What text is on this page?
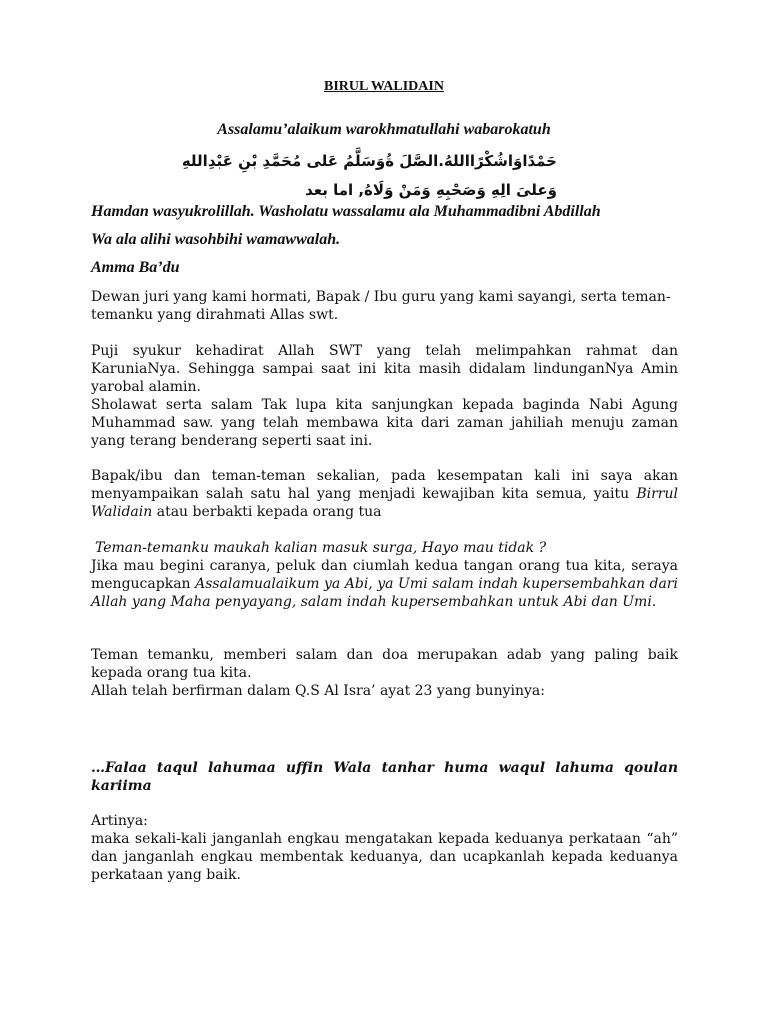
BIRUL WALIDAIN

Assalamu’alaikum warokhmatullahi wabarokatuh

حَمْدًاوَاشُكْرًااللهُ.الصَّلَ ةُوَسَلَّمُ عَلى مُحَمَّدِ بْنِ عَبْدِاللهِ

وَعلىَ الِهِ وَصَحْبِهِ وَمَنْ وَلَاهُ, اما بعد

Hamdan wasyukrolillah. Washolatu wassalamu ala Muhammadibni Abdillah

Wa ala alihi wasohbihi wamawwalah.

Amma Ba’du

Dewan juri yang kami hormati, Bapak / Ibu guru yang kami sayangi, serta teman-temanku yang dirahmati Allas swt.

Puji syukur kehadirat Allah SWT yang telah melimpahkan rahmat dan KaruniaNya. Sehingga sampai saat ini kita masih didalam lindunganNya Amin yarobal alamin.

Sholawat serta salam Tak lupa kita sanjungkan kepada baginda Nabi Agung Muhammad saw. yang telah membawa kita dari zaman jahiliah menuju zaman yang terang benderang seperti saat ini.

Bapak/ibu dan teman-teman sekalian, pada kesempatan kali ini saya akan menyampaikan salah satu hal yang menjadi kewajiban kita semua, yaitu Birrul Walidain atau berbakti kepada orang tua

Teman-temanku maukah kalian masuk surga, Hayo mau tidak ?

Jika mau begini caranya, peluk dan ciumlah kedua tangan orang tua kita, seraya mengucapkan Assalamualaikum ya Abi, ya Umi salam indah kupersembahkan dari Allah yang Maha penyayang, salam indah kupersembahkan untuk Abi dan Umi.

Teman temanku, memberi salam dan doa merupakan adab yang paling baik kepada orang tua kita.

Allah telah berfirman dalam Q.S Al Isra’ ayat 23 yang bunyinya:

…Falaa taqul lahumaa uffin Wala tanhar huma waqul lahuma qoulan kariima

Artinya:

maka sekali-kali janganlah engkau mengatakan kepada keduanya perkataan “ah” dan janganlah engkau membentak keduanya, dan ucapkanlah kepada keduanya perkataan yang baik.
